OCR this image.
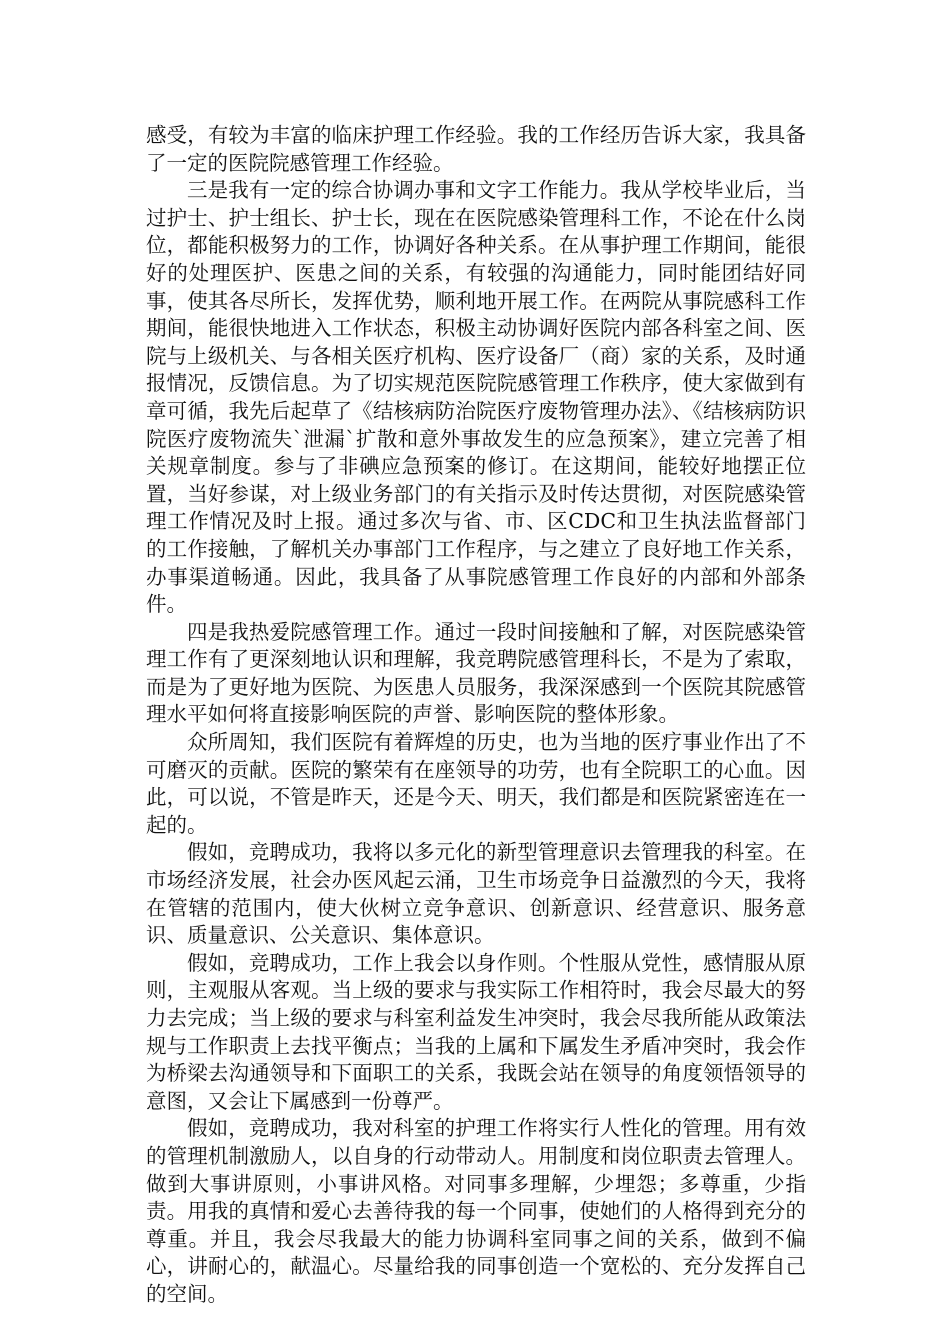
感受，有较为丰富的临床护理工作经验。我的工作经历告诉大家，我具备了一定的医院院感管理工作经验。

三是我有一定的综合协调办事和文字工作能力。我从学校毕业后，当过护士、护士组长、护士长，现在在医院感染管理科工作，不论在什么岗位，都能积极努力的工作，协调好各种关系。在从事护理工作期间，能很好的处理医护、医患之间的关系，有较强的沟通能力，同时能团结好同事，使其各尽所长，发挥优势，顺利地开展工作。在两院从事院感科工作期间，能很快地进入工作状态，积极主动协调好医院内部各科室之间、医院与上级机关、与各相关医疗机构、医疗设备厂（商）家的关系，及时通报情况，反馈信息。为了切实规范医院院感管理工作秩序，使大家做到有章可循，我先后起草了《结核病防治院医疗废物管理办法》、《结核病防识院医疗废物流失`泄漏`扩散和意外事故发生的应急预案》，建立完善了相关规章制度。参与了非碘应急预案的修订。在这期间，能较好地摆正位置，当好参谋，对上级业务部门的有关指示及时传达贯彻，对医院感染管理工作情况及时上报。通过多次与省、市、区CDC和卫生执法监督部门的工作接触，了解机关办事部门工作程序，与之建立了良好地工作关系，办事渠道畅通。因此，我具备了从事院感管理工作良好的内部和外部条件。

四是我热爱院感管理工作。通过一段时间接触和了解，对医院感染管理工作有了更深刻地认识和理解，我竞聘院感管理科长，不是为了索取，而是为了更好地为医院、为医患人员服务，我深深感到一个医院其院感管理水平如何将直接影响医院的声誉、影响医院的整体形象。

众所周知，我们医院有着辉煌的历史，也为当地的医疗事业作出了不可磨灭的贡献。医院的繁荣有在座领导的功劳，也有全院职工的心血。因此，可以说，不管是昨天，还是今天、明天，我们都是和医院紧密连在一起的。

假如，竞聘成功，我将以多元化的新型管理意识去管理我的科室。在市场经济发展，社会办医风起云涌，卫生市场竞争日益激烈的今天，我将在管辖的范围内，使大伙树立竞争意识、创新意识、经营意识、服务意识、质量意识、公关意识、集体意识。

假如，竞聘成功，工作上我会以身作则。个性服从党性，感情服从原则，主观服从客观。当上级的要求与我实际工作相符时，我会尽最大的努力去完成；当上级的要求与科室利益发生冲突时，我会尽我所能从政策法规与工作职责上去找平衡点；当我的上属和下属发生矛盾冲突时，我会作为桥梁去沟通领导和下面职工的关系，我既会站在领导的角度领悟领导的意图，又会让下属感到一份尊严。

假如，竞聘成功，我对科室的护理工作将实行人性化的管理。用有效的管理机制激励人，以自身的行动带动人。用制度和岗位职责去管理人。做到大事讲原则，小事讲风格。对同事多理解，少埋怨；多尊重，少指责。用我的真情和爱心去善待我的每一个同事，使她们的人格得到充分的尊重。并且，我会尽我最大的能力协调科室同事之间的关系，做到不偏心，讲耐心的，献温心。尽量给我的同事创造一个宽松的、充分发挥自己的空间。
